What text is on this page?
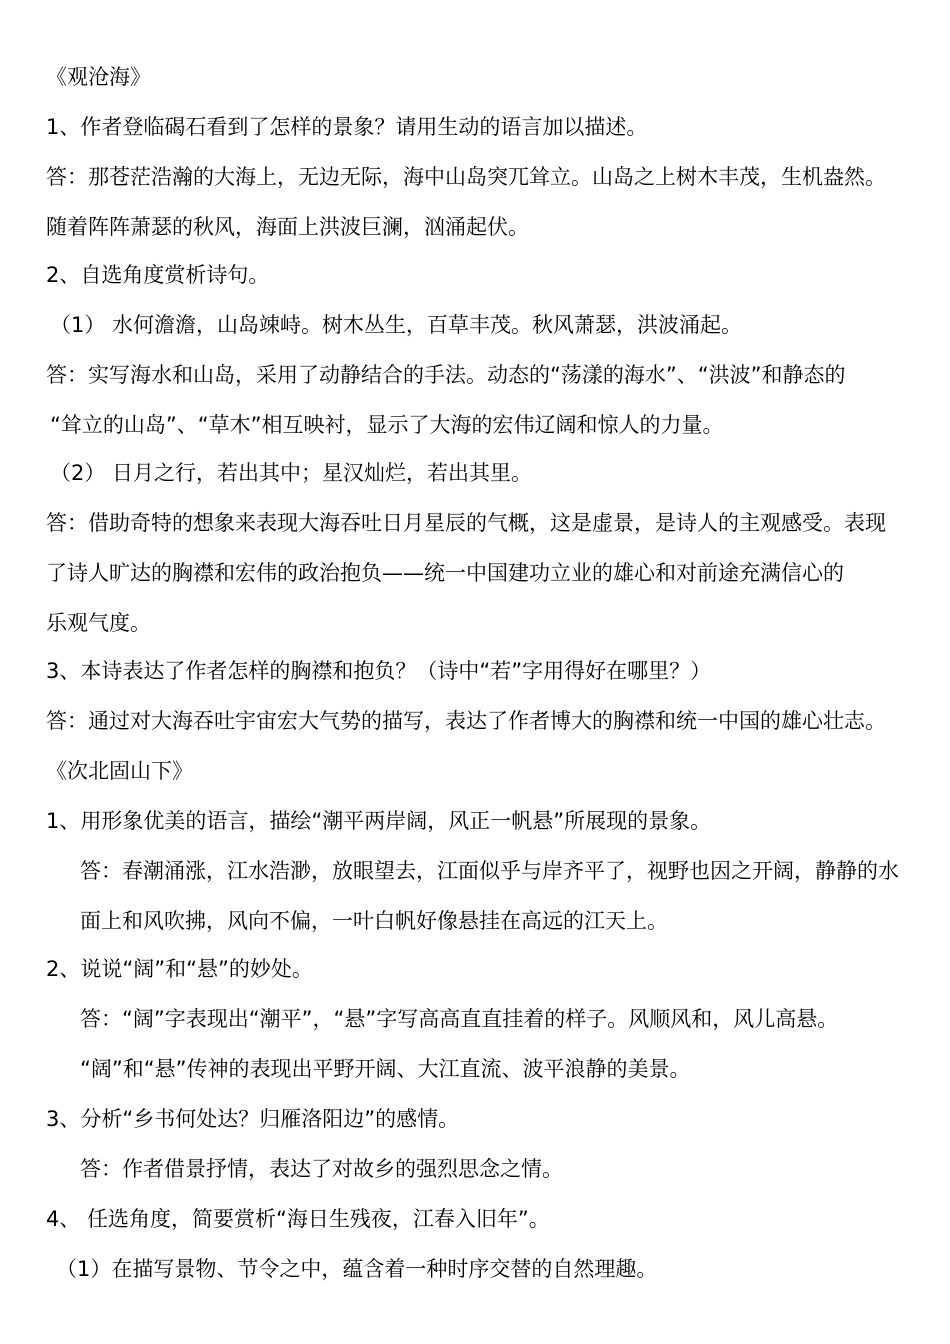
《观沧海》
1、作者登临碣石看到了怎样的景象？请用生动的语言加以描述。
答：那苍茫浩瀚的大海上，无边无际，海中山岛突兀耸立。山岛之上树木丰茂，生机盎然。
随着阵阵萧瑟的秋风，海面上洪波巨澜，汹涌起伏。
2、自选角度赏析诗句。
（1） 水何澹澹，山岛竦峙。树木丛生，百草丰茂。秋风萧瑟，洪波涌起。
答：实写海水和山岛，采用了动静结合的手法。动态的“荡漾的海水”、“洪波”和静态的
“耸立的山岛”、“草木”相互映衬，显示了大海的宏伟辽阔和惊人的力量。
（2） 日月之行，若出其中；星汉灿烂，若出其里。
答：借助奇特的想象来表现大海吞吐日月星辰的气概，这是虚景，是诗人的主观感受。表现
了诗人旷达的胸襟和宏伟的政治抱负——统一中国建功立业的雄心和对前途充满信心的
乐观气度。
3、本诗表达了作者怎样的胸襟和抱负？（诗中“若”字用得好在哪里？）
答：通过对大海吞吐宇宙宏大气势的描写，表达了作者博大的胸襟和统一中国的雄心壮志。
《次北固山下》
1、用形象优美的语言，描绘“潮平两岸阔，风正一帆悬”所展现的景象。
答：春潮涌涨，江水浩渺，放眼望去，江面似乎与岸齐平了，视野也因之开阔，静静的水
面上和风吹拂，风向不偏，一叶白帆好像悬挂在高远的江天上。
2、说说“阔”和“悬”的妙处。
答：“阔”字表现出“潮平”，“悬”字写高高直直挂着的样子。风顺风和，风儿高悬。
“阔”和“悬”传神的表现出平野开阔、大江直流、波平浪静的美景。
3、分析“乡书何处达？归雁洛阳边”的感情。
答：作者借景抒情，表达了对故乡的强烈思念之情。
4、 任选角度，简要赏析“海日生残夜，江春入旧年”。
（1）在描写景物、节令之中，蕴含着一种时序交替的自然理趣。
